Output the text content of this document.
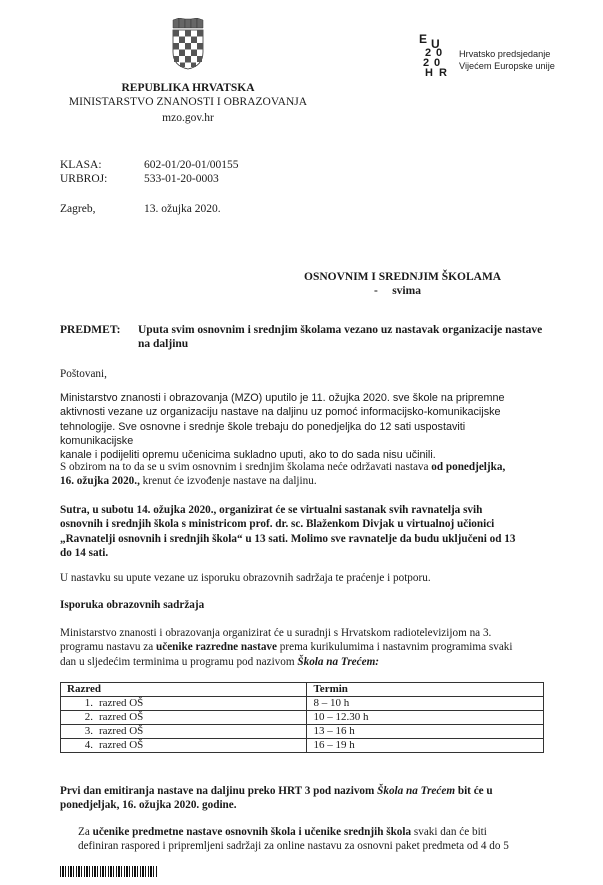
REPUBLIKA HRVATSKA
MINISTARSTVO ZNANOSTI I OBRAZOVANJA
mzo.gov.hr
E U
2 0
2 0
H R
Hrvatsko predsjedanje
Vijećem Europske unije
KLASA:	602-01/20-01/00155
URBROJ:	533-01-20-0003
Zagreb,	13. ožujka 2020.
OSNOVNIM I SREDNJIM ŠKOLAMA
-     svima
PREDMET: Uputa svim osnovnim i srednjim školama vezano uz nastavak organizacije nastave
na daljinu
Poštovani,
Ministarstvo znanosti i obrazovanja (MZO) uputilo je 11. ožujka 2020. sve škole na pripremne
aktivnosti vezane uz organizaciju nastave na daljinu uz pomoć informacijsko-komunikacijske
tehnologije. Sve osnovne i srednje škole trebaju do ponedjeljka do 12 sati uspostaviti komunikacijske
kanale i podijeliti opremu učenicima sukladno uputi, ako to do sada nisu učinili.
S obzirom na to da se u svim osnovnim i srednjim školama neće održavati nastava od ponedjeljka,
16. ožujka 2020., krenut će izvođenje nastave na daljinu.
Sutra, u subotu 14. ožujka 2020., organizirat će se virtualni sastanak svih ravnatelja svih
osnovnih i srednjih škola s ministricom prof. dr. sc. Blaženkom Divjak u virtualnoj učionici
„Ravnatelji osnovnih i srednjih škola“ u 13 sati. Molimo sve ravnatelje da budu uključeni od 13
do 14 sati.
U nastavku su upute vezane uz isporuku obrazovnih sadržaja te praćenje i potporu.
Isporuka obrazovnih sadržaja
Ministarstvo znanosti i obrazovanja organizirat će u suradnji s Hrvatskom radiotelevizijom na 3.
programu nastavu za učenike razredne nastave prema kurikulumima i nastavnim programima svaki
dan u sljedećim terminima u programu pod nazivom Škola na Trećem:
Razred	Termin
1. razred OŠ	8 – 10 h
2. razred OŠ	10 – 12.30 h
3. razred OŠ	13 – 16 h
4. razred OŠ	16 – 19 h
Prvi dan emitiranja nastave na daljinu preko HRT 3 pod nazivom Škola na Trećem bit će u
ponedjeljak, 16. ožujka 2020. godine.
Za učenike predmetne nastave osnovnih škola i učenike srednjih škola svaki dan će biti
definiran raspored i pripremljeni sadržaji za online nastavu za osnovni paket predmeta od 4 do 5
